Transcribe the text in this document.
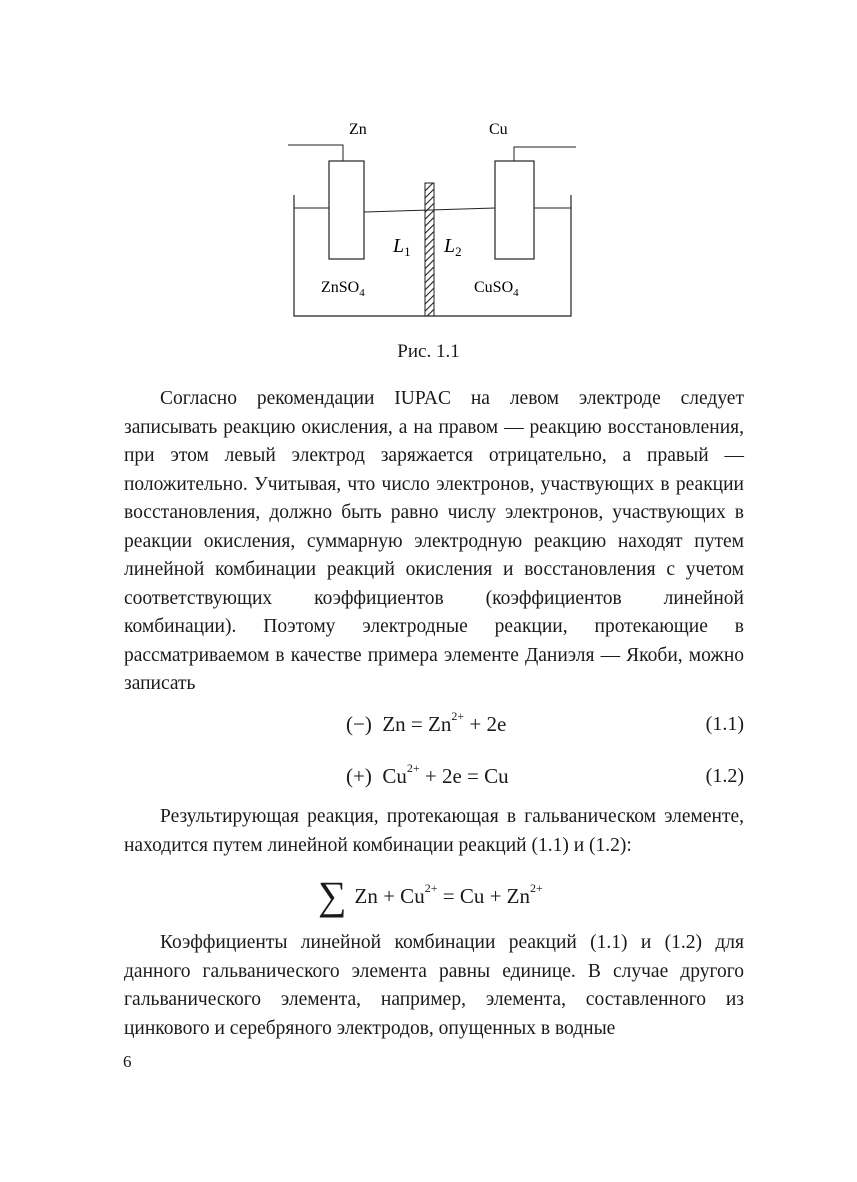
Zn	Cu
$L_1$ $L_2$
ZnSO$_4$	CuSO$_4$
Рис. 1.1

Согласно рекомендации IUPAC на левом электроде следует записывать реакцию окисления, а на правом — реакцию восстановления, при этом левый электрод заряжается отрицательно, а правый — положительно. Учитывая, что число электронов, участвующих в реакции восстановления, должно быть равно числу электронов, участвующих в реакции окисления, суммарную электродную реакцию находят путем линейной комбинации реакций окисления и восстановления с учетом соответствующих коэффициентов (коэффициентов линейной комбинации). Поэтому электродные реакции, протекающие в рассматриваемом в качестве примера элементе Даниэля — Якоби, можно записать

(−) $Zn = Zn^{2+} + 2e$	(1.1)
(+) $Cu^{2+} + 2e = Cu$	(1.2)

Результирующая реакция, протекающая в гальваническом элементе, находится путем линейной комбинации реакций (1.1) и (1.2):

∑ $Zn + Cu^{2+} = Cu + Zn^{2+}$

Коэффициенты линейной комбинации реакций (1.1) и (1.2) для данного гальванического элемента равны единице. В случае другого гальванического элемента, например, элемента, составленного из цинкового и серебряного электродов, опущенных в водные

6
